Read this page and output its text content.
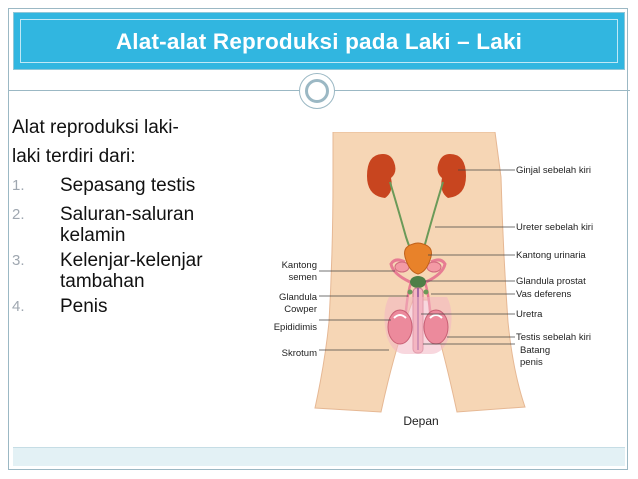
Alat-alat Reproduksi pada Laki – Laki

Alat reproduksi laki-

laki terdiri dari:

1.	Sepasang testis
2.	Saluran-saluran
kelamin
3.	Kelenjar-kelenjar
tambahan
4.	Penis
Ginjal sebelah kiri
Ureter sebelah kiri
Kantong urinaria
Glandula prostat
Vas deferens
Uretra
Testis sebelah kiri
Batang
penis
Kantong
semen
Glandula
Cowper
Epididimis
Skrotum
Depan
